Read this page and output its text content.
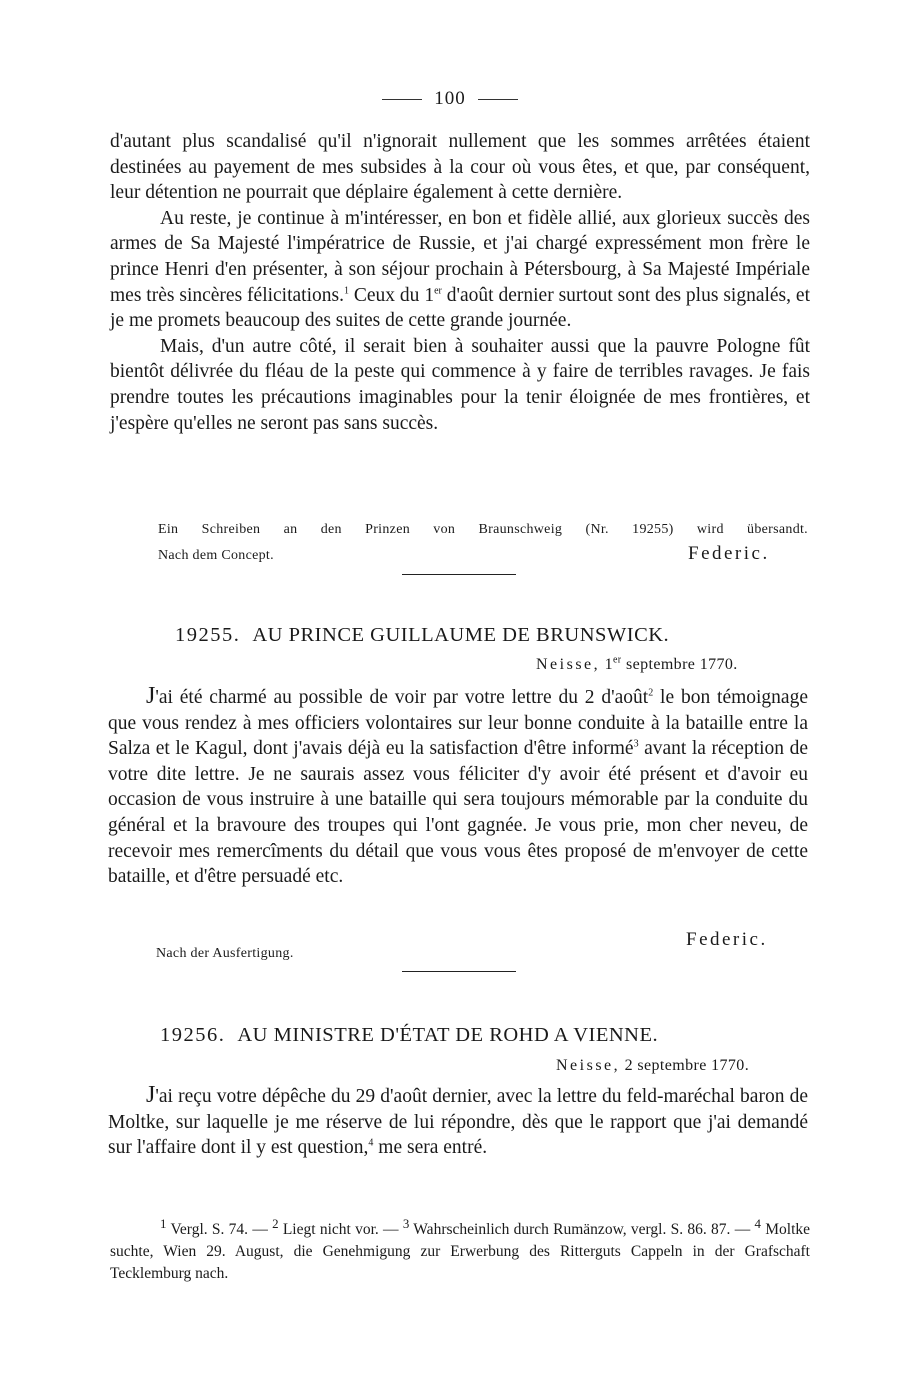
100
d'autant plus scandalisé qu'il n'ignorait nullement que les sommes arrêtées étaient destinées au payement de mes subsides à la cour où vous êtes, et que, par conséquent, leur détention ne pourrait que déplaire également à cette dernière.
Au reste, je continue à m'intéresser, en bon et fidèle allié, aux glorieux succès des armes de Sa Majesté l'impératrice de Russie, et j'ai chargé expressément mon frère le prince Henri d'en présenter, à son séjour prochain à Pétersbourg, à Sa Majesté Impériale mes très sincères félicitations.$^1$ Ceux du 1er d'août dernier surtout sont des plus signalés, et je me promets beaucoup des suites de cette grande journée.
Mais, d'un autre côté, il serait bien à souhaiter aussi que la pauvre Pologne fût bientôt délivrée du fléau de la peste qui commence à y faire de terribles ravages. Je fais prendre toutes les précautions imaginables pour la tenir éloignée de mes frontières, et j'espère qu'elles ne seront pas sans succès.
Ein Schreiben an den Prinzen von Braunschweig (Nr. 19255) wird übersandt.
Nach dem Concept.	Federic.
19255. AU PRINCE GUILLAUME DE BRUNSWICK.
Neisse, 1er septembre 1770.
J'ai été charmé au possible de voir par votre lettre du 2 d'août$^2$ le bon témoignage que vous rendez à mes officiers volontaires sur leur bonne conduite à la bataille entre la Salza et le Kagul, dont j'avais déjà eu la satisfaction d'être informé$^3$ avant la réception de votre dite lettre. Je ne saurais assez vous féliciter d'y avoir été présent et d'avoir eu occasion de vous instruire à une bataille qui sera toujours mémorable par la conduite du général et la bravoure des troupes qui l'ont gagnée. Je vous prie, mon cher neveu, de recevoir mes remercîments du détail que vous vous êtes proposé de m'envoyer de cette bataille, et d'être persuadé etc.
Federic.
Nach der Ausfertigung.
19256. AU MINISTRE D'ÉTAT DE ROHD A VIENNE.
Neisse, 2 septembre 1770.
J'ai reçu votre dépêche du 29 d'août dernier, avec la lettre du feld-maréchal baron de Moltke, sur laquelle je me réserve de lui répondre, dès que le rapport que j'ai demandé sur l'affaire dont il y est question,$^4$ me sera entré.
$^1$ Vergl. S. 74. — $^2$ Liegt nicht vor. — $^3$ Wahrscheinlich durch Rumänzow, vergl. S. 86. 87. — $^4$ Moltke suchte, Wien 29. August, die Genehmigung zur Erwerbung des Ritterguts Cappeln in der Grafschaft Tecklemburg nach.
